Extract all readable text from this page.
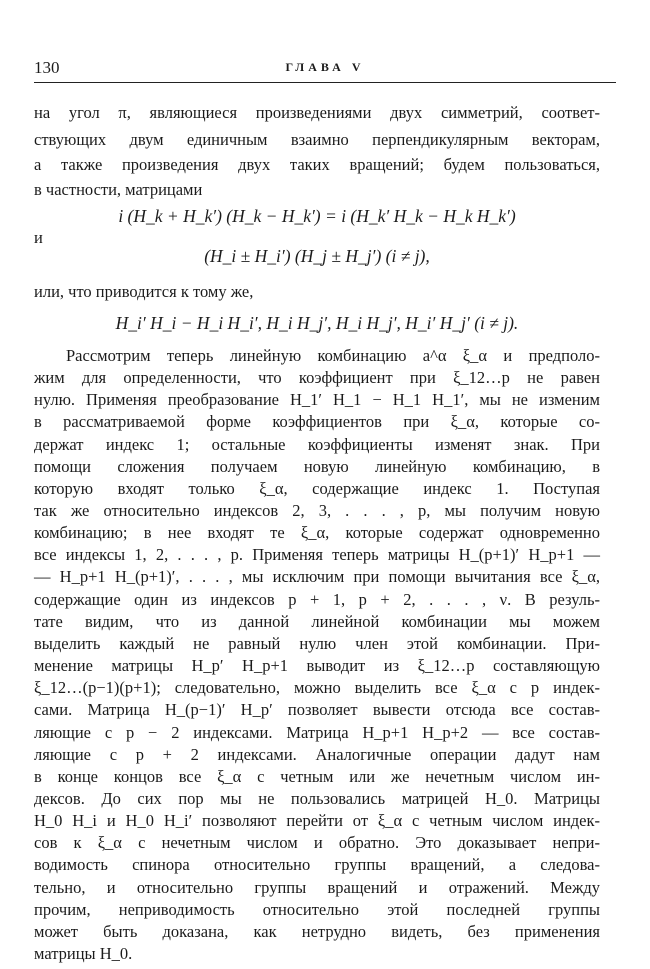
130	ГЛАВА V
на угол π, являющиеся произведениями двух симметрий, соответ-
ствующих двум единичным взаимно перпендикулярным векторам,
а также произведения двух таких вращений; будем пользоваться,
в частности, матрицами
i (H_k + H_k′) (H_k − H_k′) = i (H_k′ H_k − H_k H_k′)
и
(H_i ± H_i′) (H_j ± H_j′) (i ≠ j),
или, что приводится к тому же,
H_i′ H_i − H_i H_i′, H_i H_j′, H_i H_j′, H_i′ H_j′ (i ≠ j).
Рассмотрим теперь линейную комбинацию a^α ξ_α и предполо-
жим для определенности, что коэффициент при ξ_12…p не равен
нулю. Применяя преобразование H_1′ H_1 − H_1 H_1′, мы не изменим
в рассматриваемой форме коэффициентов при ξ_α, которые со-
держат индекс 1; остальные коэффициенты изменят знак. При
помощи сложения получаем новую линейную комбинацию, в
которую входят только ξ_α, содержащие индекс 1. Поступая
так же относительно индексов 2, 3, . . . , p, мы получим новую
комбинацию; в нее входят те ξ_α, которые содержат одновременно
все индексы 1, 2, . . . , p. Применяя теперь матрицы H_(p+1)′ H_p+1 —
— H_p+1 H_(p+1)′, . . . , мы исключим при помощи вычитания все ξ_α,
содержащие один из индексов p + 1, p + 2, . . . , ν. В резуль-
тате видим, что из данной линейной комбинации мы можем
выделить каждый не равный нулю член этой комбинации. При-
менение матрицы H_p′ H_p+1 выводит из ξ_12…p составляющую
ξ_12…(p−1)(p+1); следовательно, можно выделить все ξ_α с p индек-
сами. Матрица H_(p−1)′ H_p′ позволяет вывести отсюда все состав-
ляющие с p − 2 индексами. Матрица H_p+1 H_p+2 — все состав-
ляющие с p + 2 индексами. Аналогичные операции дадут нам
в конце концов все ξ_α с четным или же нечетным числом ин-
дексов. До сих пор мы не пользовались матрицей H_0. Матрицы
H_0 H_i и H_0 H_i′ позволяют перейти от ξ_α с четным числом индек-
сов к ξ_α с нечетным числом и обратно. Это доказывает непри-
водимость спинора относительно группы вращений, а следова-
тельно, и относительно группы вращений и отражений. Между
прочим, неприводимость относительно этой последней группы
может быть доказана, как нетрудно видеть, без применения
матрицы H_0.
